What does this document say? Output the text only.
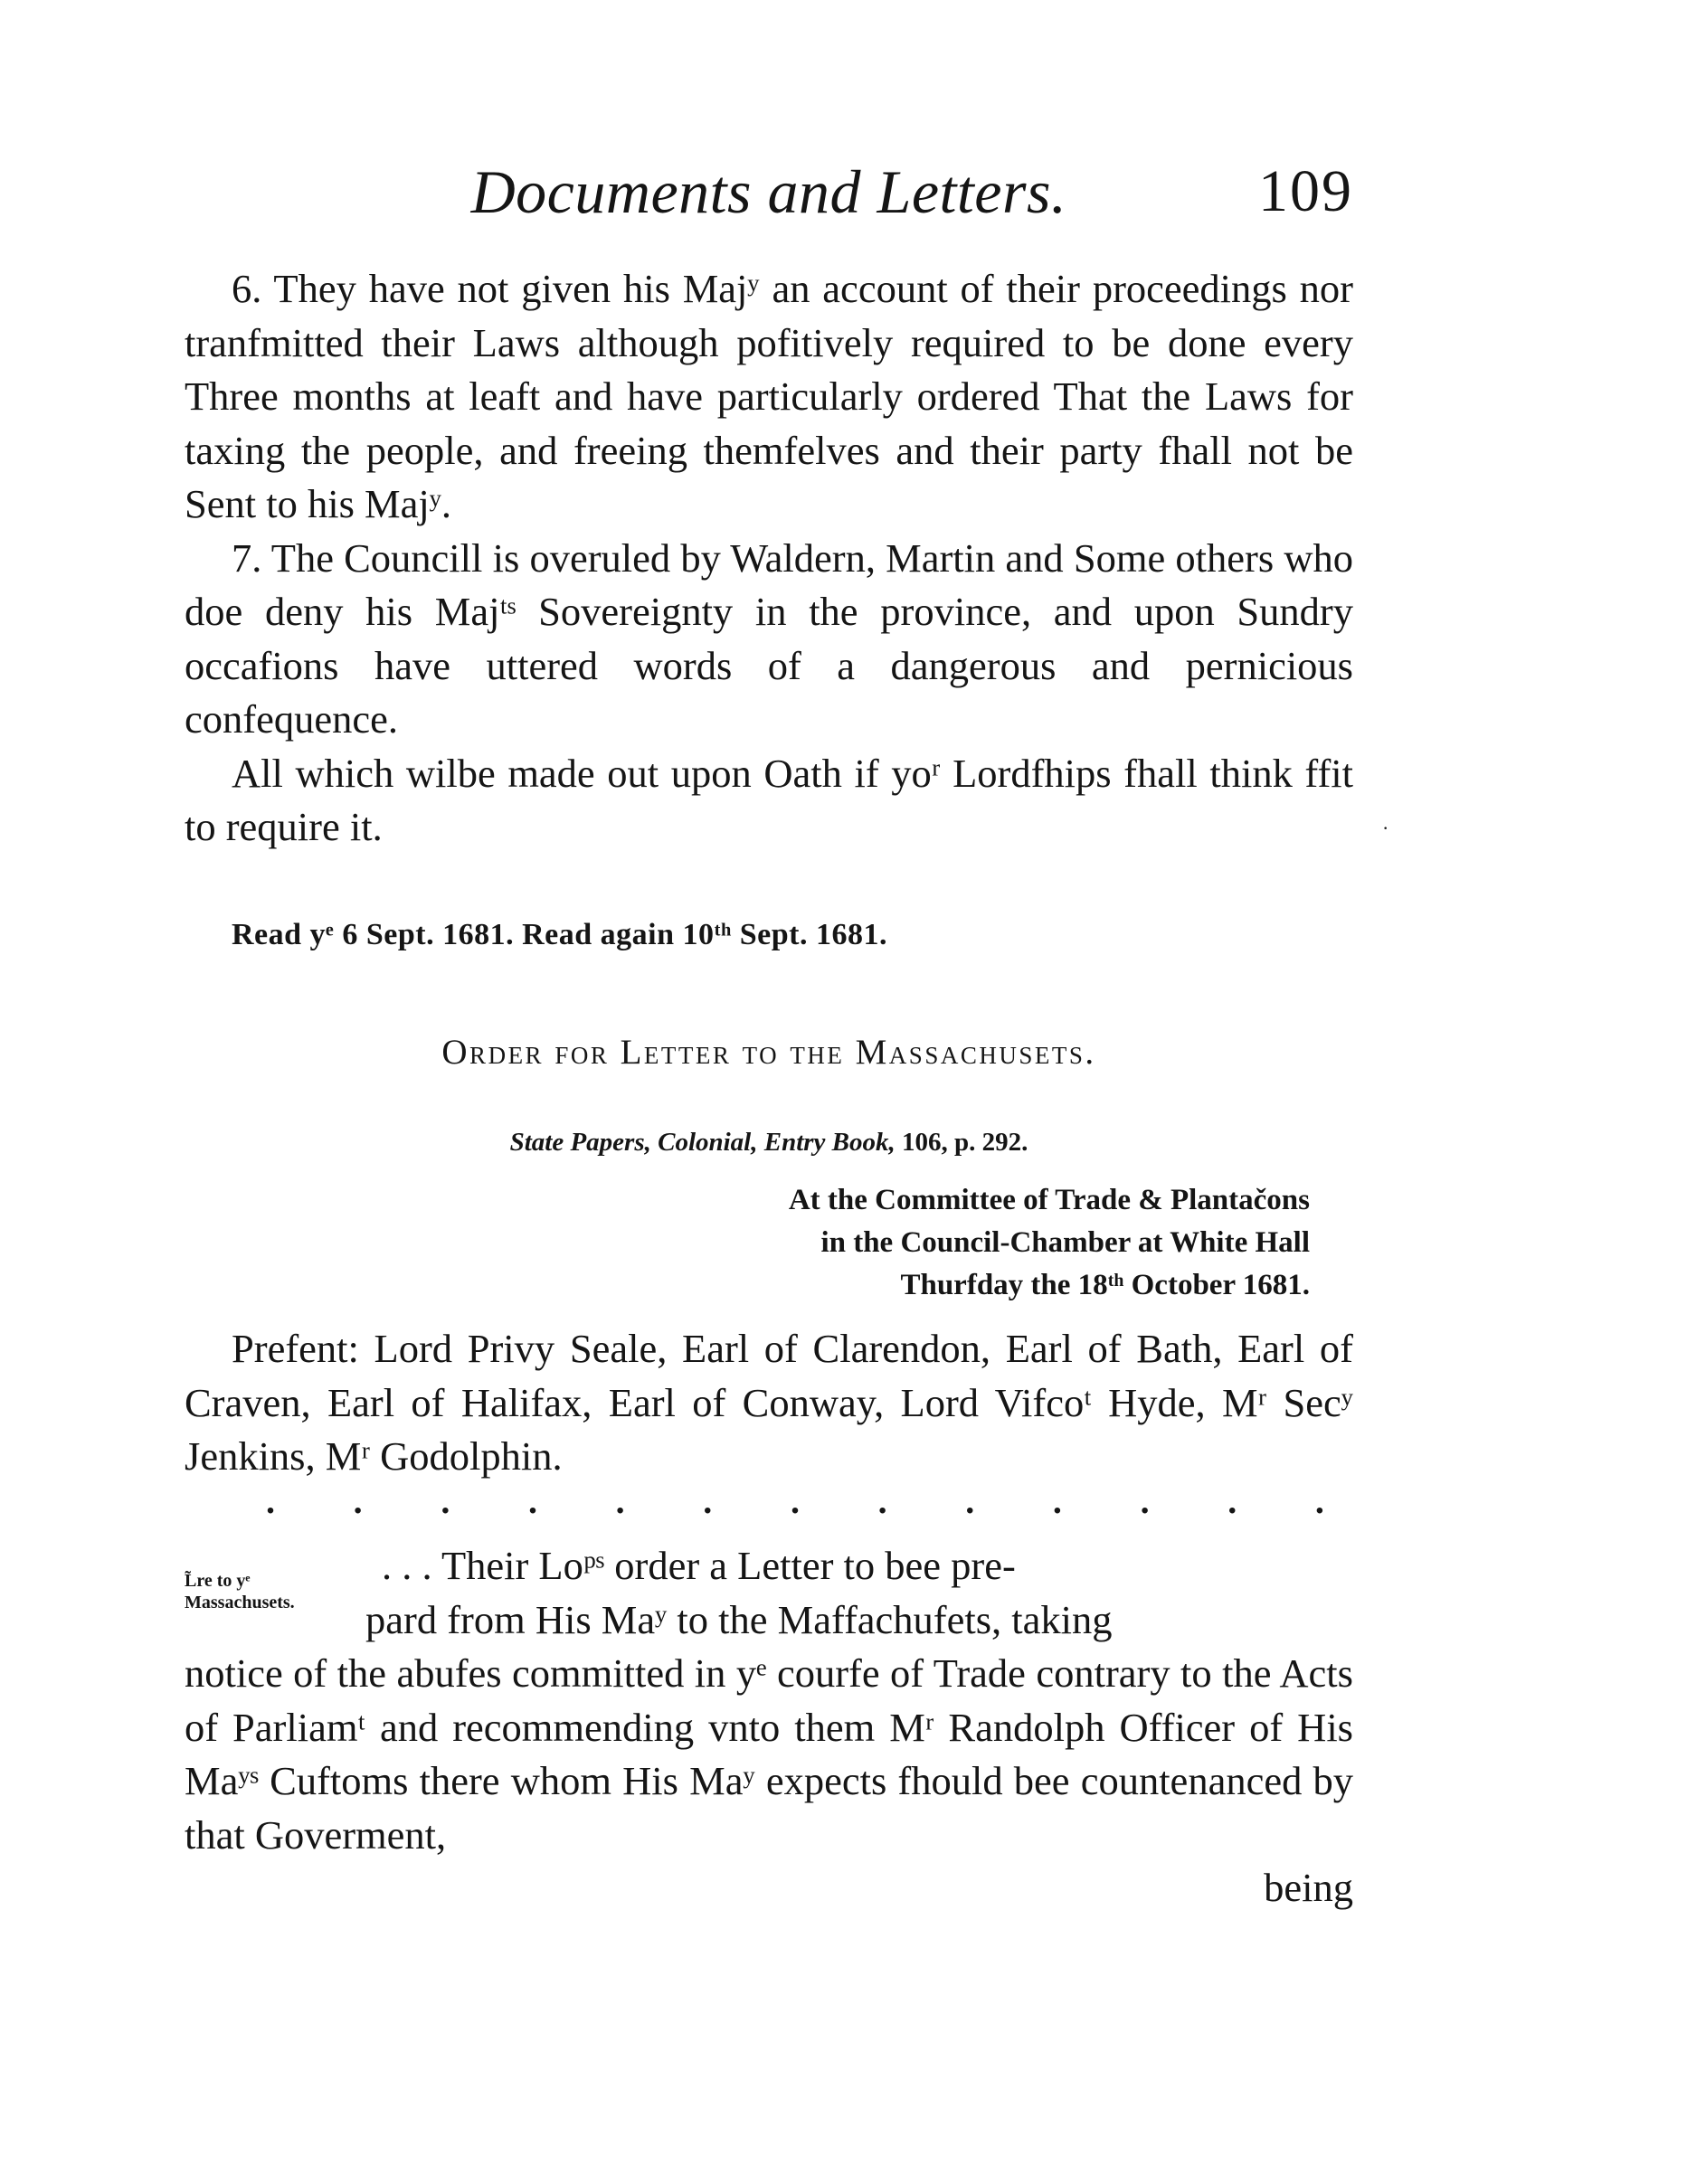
Documents and Letters.	109

6. They have not given his Majʸ an account of their proceedings nor tranfmitted their Laws although pofitively required to be done every Three months at leaft and have particularly ordered That the Laws for taxing the people, and freeing themfelves and their party fhall not be Sent to his Majʸ.

7. The Councill is overuled by Waldern, Martin and Some others who doe deny his Majᵗˢ Sovereignty in the province, and upon Sundry occafions have uttered words of a dangerous and pernicious confequence.

All which wilbe made out upon Oath if yoʳ Lordfhips fhall think ffit to require it.

Read yᵉ 6 Sept. 1681. Read again 10ᵗʰ Sept. 1681.
Order for Letter to the Massachusets.
State Papers, Colonial, Entry Book, 106, p. 292.
At the Committee of Trade & Plantačons
in the Council-Chamber at White Hall
Thurfday the 18ᵗʰ October 1681.

Prefent: Lord Privy Seale, Earl of Clarendon, Earl of Bath, Earl of Craven, Earl of Halifax, Earl of Conway, Lord Vifcoᵗ Hyde, Mʳ Secʸ Jenkins, Mʳ Godolphin.

. . . . . . . . . . . . .
L̃re to yᵉ
Massachusets.

. . . Their Loᵖˢ order a Letter to bee pre-
pard from His Maʸ to the Maffachufets, taking
notice of the abufes committed in yᵉ courfe of Trade contrary to the Acts of Parliamᵗ and recommending vnto them Mʳ Randolph Officer of His Maʸˢ Cuftoms there whom His Maʸ expects fhould bee countenanced by that Goverment,

being
·
